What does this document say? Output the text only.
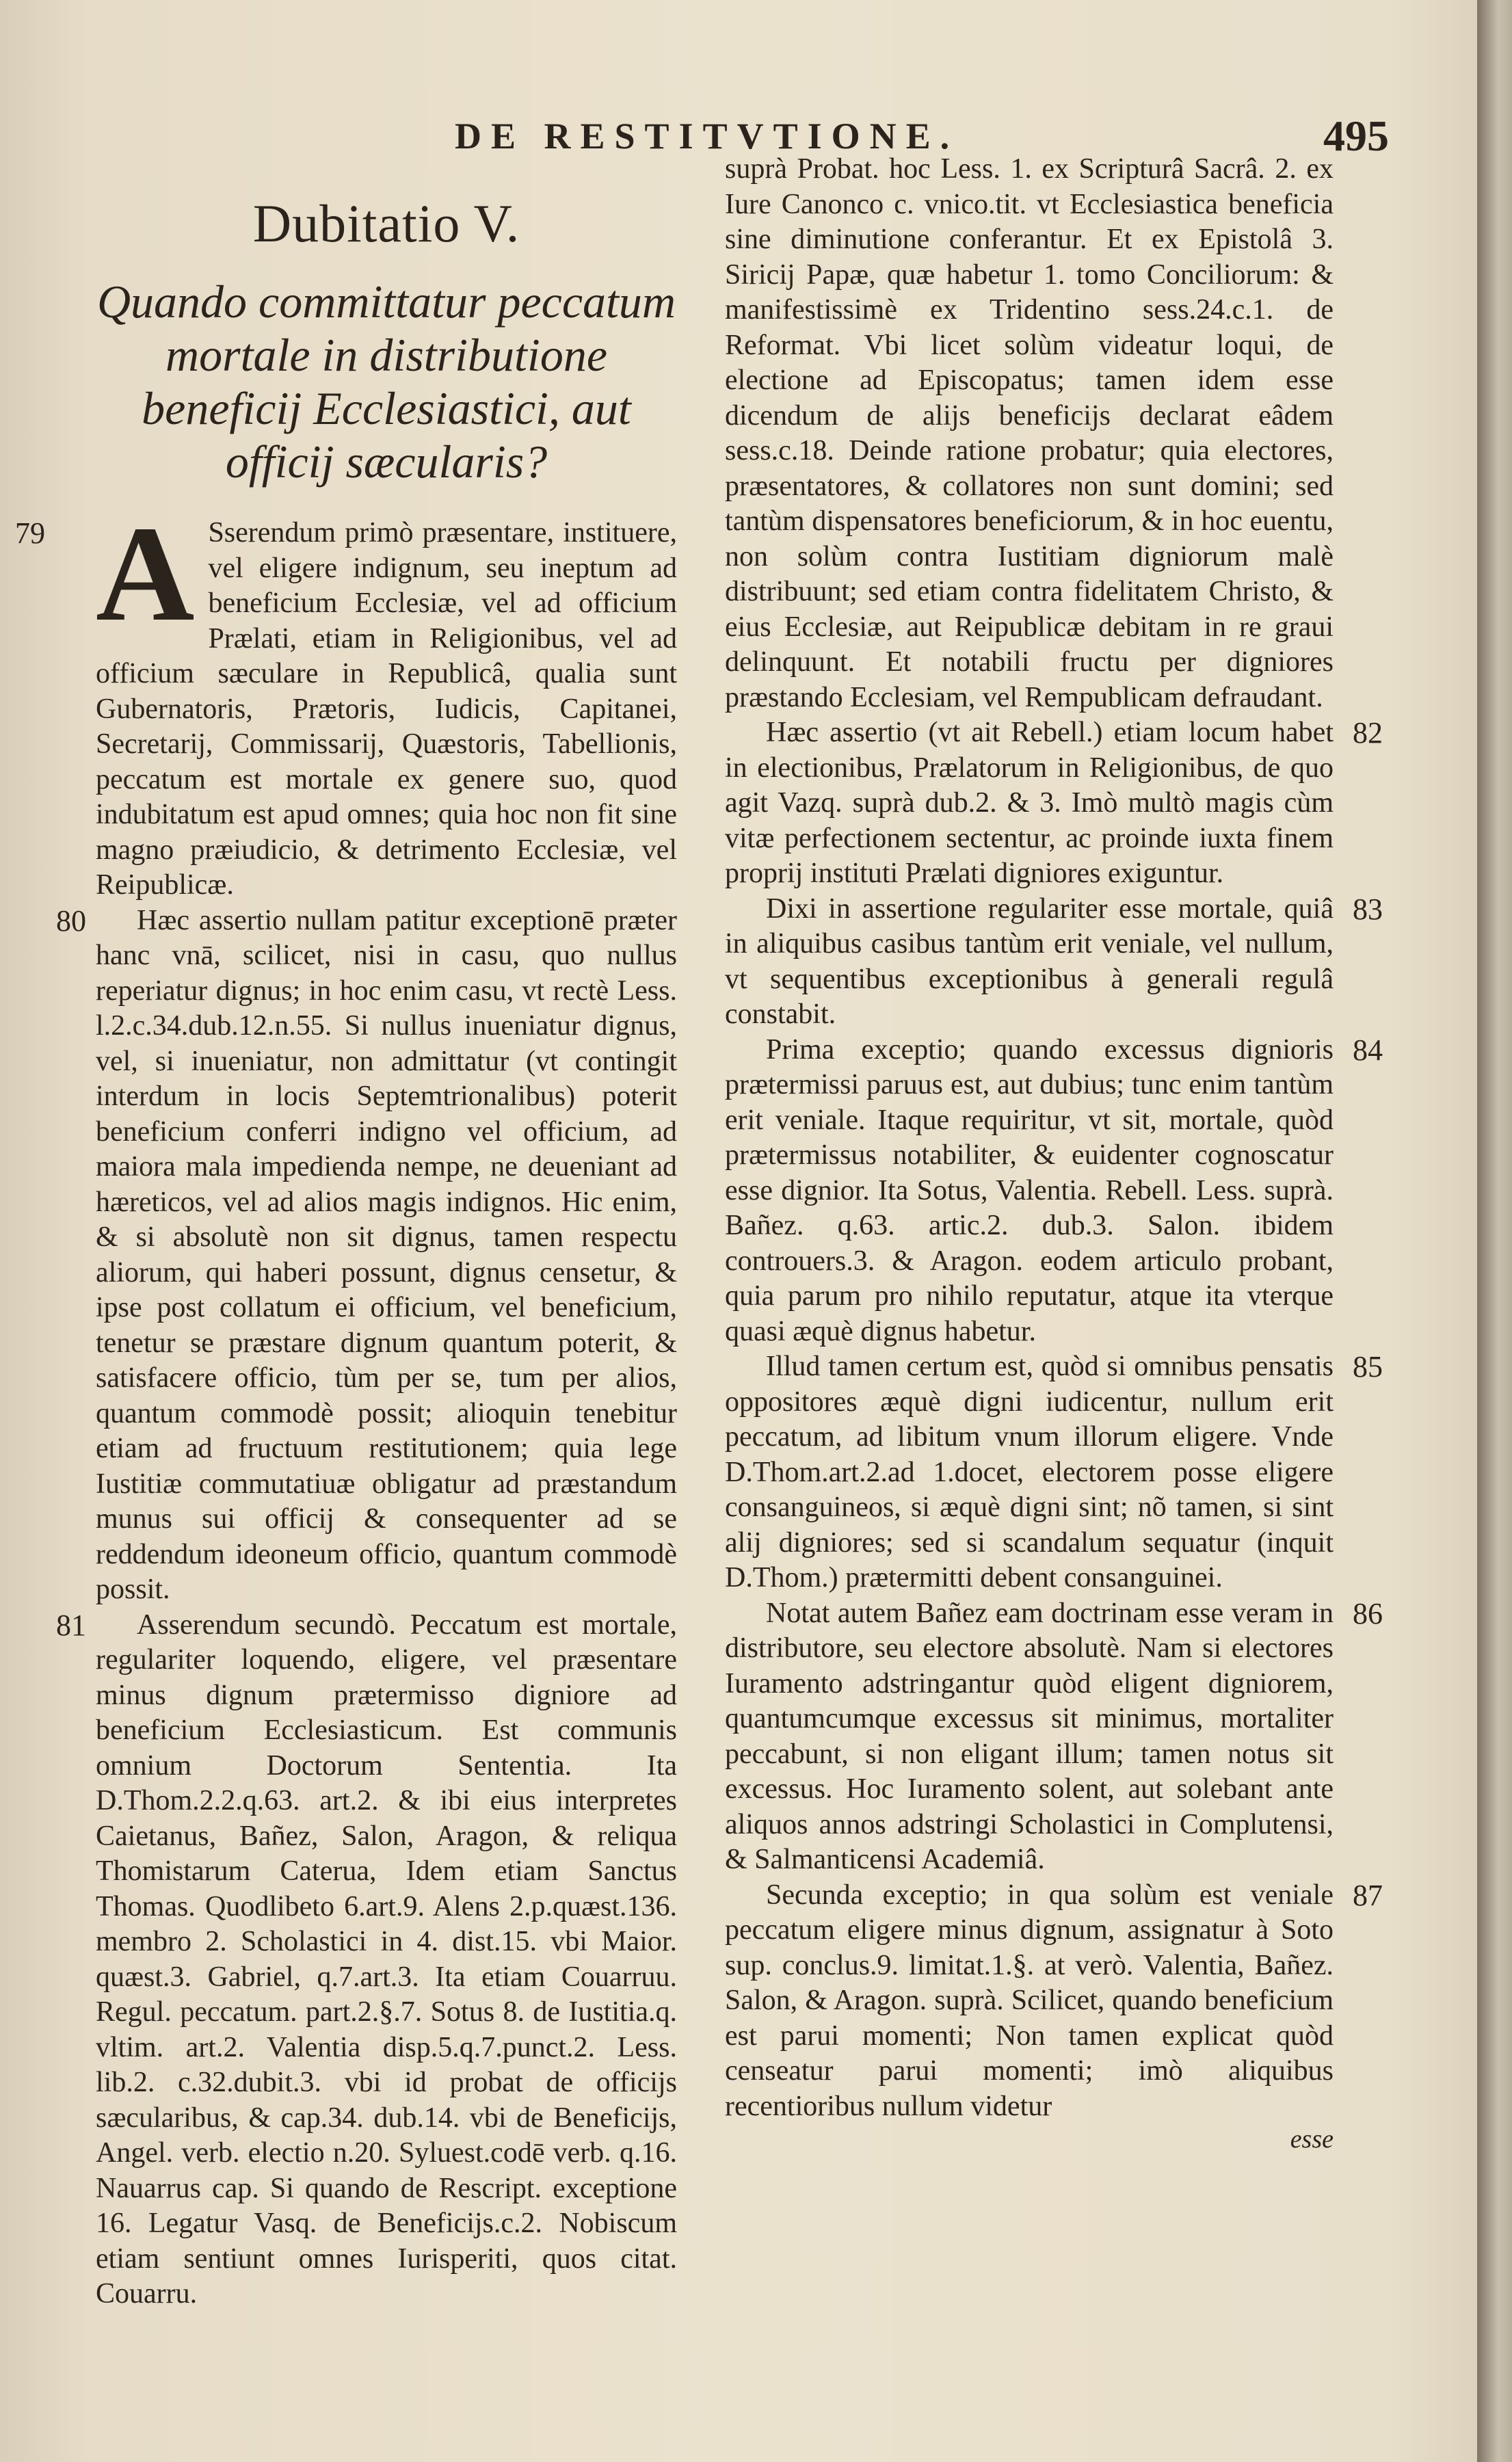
DE RESTITVTIONE.	495
Dubitatio V.
Quando committatur peccatum mortale in distributione beneficij Ecclesiastici, aut officij sæcularis?

79 A Sserendum primò præsentare, instituere, vel eligere indignum, seu ineptum ad beneficium Ecclesiæ, vel ad officium Prælati, etiam in Religionibus, vel ad officium sæculare in Republicâ, qualia sunt Gubernatoris, Prætoris, Iudicis, Capitanei, Secretarij, Commissarij, Quæstoris, Tabellionis, peccatum est mortale ex genere suo, quod indubitatum est apud omnes; quia hoc non fit sine magno præiudicio, & detrimento Ecclesiæ, vel Reipublicæ.

80 Hæc assertio nullam patitur exceptionē præter hanc vnā, scilicet, nisi in casu, quo nullus reperiatur dignus; in hoc enim casu, vt rectè Less. l.2.c.34.dub.12.n.55. Si nullus inueniatur dignus, vel, si inueniatur, non admittatur (vt contingit interdum in locis Septemtrionalibus) poterit beneficium conferri indigno vel officium, ad maiora mala impedienda nempe, ne deueniant ad hæreticos, vel ad alios magis indignos. Hic enim, & si absolutè non sit dignus, tamen respectu aliorum, qui haberi possunt, dignus censetur, & ipse post collatum ei officium, vel beneficium, tenetur se præstare dignum quantum poterit, & satisfacere officio, tùm per se, tum per alios, quantum commodè possit; alioquin tenebitur etiam ad fructuum restitutionem; quia lege Iustitiæ commutatiuæ obligatur ad præstandum munus sui officij & consequenter ad se reddendum ideoneum officio, quantum commodè possit.

81 Asserendum secundò. Peccatum est mortale, regulariter loquendo, eligere, vel præsentare minus dignum prætermisso digniore ad beneficium Ecclesiasticum. Est communis omnium Doctorum Sententia. Ita D.Thom.2.2.q.63. art.2. & ibi eius interpretes Caietanus, Bañez, Salon, Aragon, & reliqua Thomistarum Caterua, Idem etiam Sanctus Thomas. Quodlibeto 6.art.9. Alens 2.p.quæst.136. membro 2. Scholastici in 4. dist.15. vbi Maior. quæst.3. Gabriel, q.7.art.3. Ita etiam Couarruu. Regul. peccatum. part.2.§.7. Sotus 8. de Iustitia.q. vltim. art.2. Valentia disp.5.q.7.punct.2. Less. lib.2. c.32.dubit.3. vbi id probat de officijs sæcularibus, & cap.34. dub.14. vbi de Beneficijs, Angel. verb. electio n.20. Syluest.codē verb. q.16. Nauarrus cap. Si quando de Rescript. exceptione 16. Legatur Vasq. de Beneficijs.c.2. Nobiscum etiam sentiunt omnes Iurisperiti, quos citat. Couarru.

suprà Probat. hoc Less. 1. ex Scripturâ Sacrâ. 2. ex Iure Canonco c. vnico.tit. vt Ecclesiastica beneficia sine diminutione conferantur. Et ex Epistolâ 3. Siricij Papæ, quæ habetur 1. tomo Conciliorum: & manifestissimè ex Tridentino sess.24.c.1. de Reformat. Vbi licet solùm videatur loqui, de electione ad Episcopatus; tamen idem esse dicendum de alijs beneficijs declarat eâdem sess.c.18. Deinde ratione probatur; quia electores, præsentatores, & collatores non sunt domini; sed tantùm dispensatores beneficiorum, & in hoc euentu, non solùm contra Iustitiam digniorum malè distribuunt; sed etiam contra fidelitatem Christo, & eius Ecclesiæ, aut Reipublicæ debitam in re graui delinquunt. Et notabili fructu per digniores præstando Ecclesiam, vel Rempublicam defraudant.

82
Hæc assertio (vt ait Rebell.) etiam locum habet in electionibus, Prælatorum in Religionibus, de quo agit Vazq. suprà dub.2. & 3. Imò multò magis cùm vitæ perfectionem sectentur, ac proinde iuxta finem proprij instituti Prælati digniores exiguntur.

83
Dixi in assertione regulariter esse mortale, quiâ in aliquibus casibus tantùm erit veniale, vel nullum, vt sequentibus exceptionibus à generali regulâ constabit.

84
Prima exceptio; quando excessus dignioris prætermissi paruus est, aut dubius; tunc enim tantùm erit veniale. Itaque requiritur, vt sit, mortale, quòd prætermissus notabiliter, & euidenter cognoscatur esse dignior. Ita Sotus, Valentia. Rebell. Less. suprà. Bañez. q.63. artic.2. dub.3. Salon. ibidem controuers.3. & Aragon. eodem articulo probant, quia parum pro nihilo reputatur, atque ita vterque quasi æquè dignus habetur.

85
Illud tamen certum est, quòd si omnibus pensatis oppositores æquè digni iudicentur, nullum erit peccatum, ad libitum vnum illorum eligere. Vnde D.Thom.art.2.ad 1.docet, electorem posse eligere consanguineos, si æquè digni sint; nõ tamen, si sint alij digniores; sed si scandalum sequatur (inquit D.Thom.) prætermitti debent consanguinei.

86
Notat autem Bañez eam doctrinam esse veram in distributore, seu electore absolutè. Nam si electores Iuramento adstringantur quòd eligent digniorem, quantumcumque excessus sit minimus, mortaliter peccabunt, si non eligant illum; tamen notus sit excessus. Hoc Iuramento solent, aut solebant ante aliquos annos adstringi Scholastici in Complutensi, & Salmanticensi Academiâ.

87
Secunda exceptio; in qua solùm est veniale peccatum eligere minus dignum, assignatur à Soto sup. conclus.9. limitat.1.§. at verò. Valentia, Bañez. Salon, & Aragon. suprà. Scilicet, quando beneficium est parui momenti; Non tamen explicat quòd censeatur parui momenti; imò aliquibus recentioribus nullum videtur

esse
